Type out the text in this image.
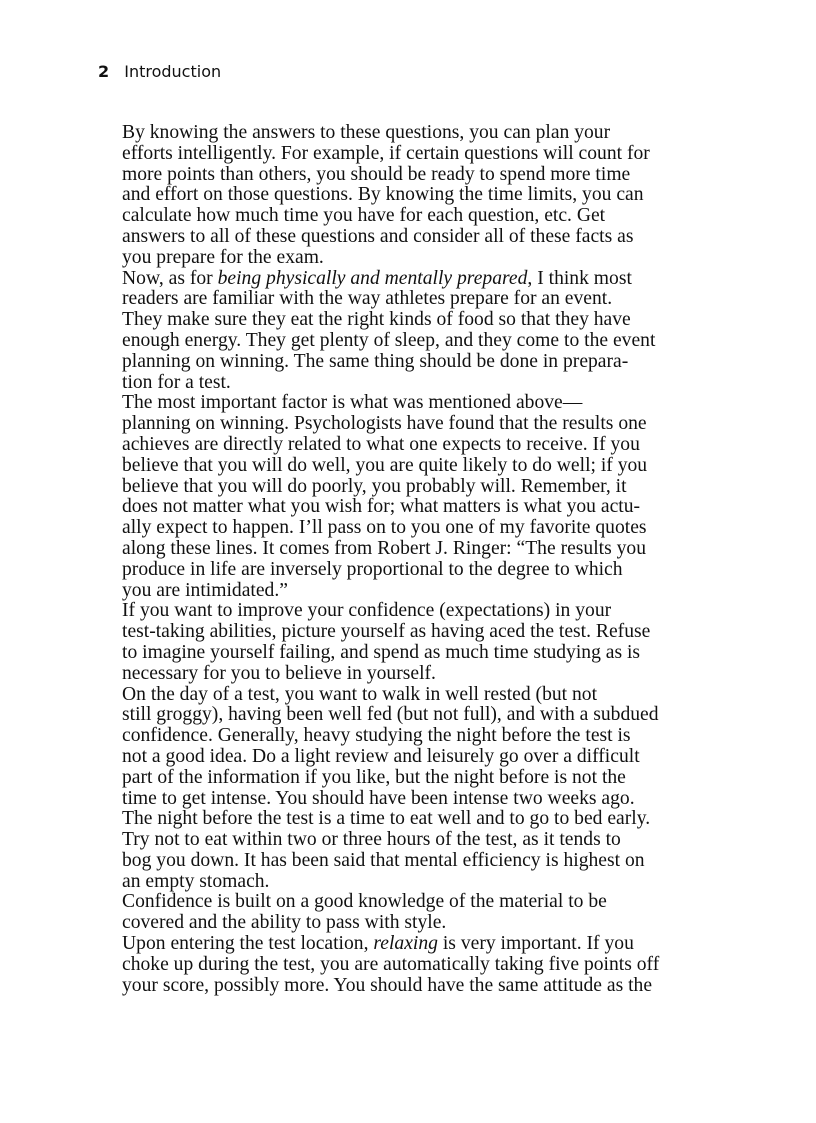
2 Introduction

By knowing the answers to these questions, you can plan your
efforts intelligently. For example, if certain questions will count for
more points than others, you should be ready to spend more time
and effort on those questions. By knowing the time limits, you can
calculate how much time you have for each question, etc. Get
answers to all of these questions and consider all of these facts as
you prepare for the exam.

Now, as for being physically and mentally prepared, I think most
readers are familiar with the way athletes prepare for an event.
They make sure they eat the right kinds of food so that they have
enough energy. They get plenty of sleep, and they come to the event
planning on winning. The same thing should be done in prepara-
tion for a test.

The most important factor is what was mentioned above—
planning on winning. Psychologists have found that the results one
achieves are directly related to what one expects to receive. If you
believe that you will do well, you are quite likely to do well; if you
believe that you will do poorly, you probably will. Remember, it
does not matter what you wish for; what matters is what you actu-
ally expect to happen. I’ll pass on to you one of my favorite quotes
along these lines. It comes from Robert J. Ringer: “The results you
produce in life are inversely proportional to the degree to which
you are intimidated.”

If you want to improve your confidence (expectations) in your
test-taking abilities, picture yourself as having aced the test. Refuse
to imagine yourself failing, and spend as much time studying as is
necessary for you to believe in yourself.

On the day of a test, you want to walk in well rested (but not
still groggy), having been well fed (but not full), and with a subdued
confidence. Generally, heavy studying the night before the test is
not a good idea. Do a light review and leisurely go over a difficult
part of the information if you like, but the night before is not the
time to get intense. You should have been intense two weeks ago.
The night before the test is a time to eat well and to go to bed early.
Try not to eat within two or three hours of the test, as it tends to
bog you down. It has been said that mental efficiency is highest on
an empty stomach.

Confidence is built on a good knowledge of the material to be
covered and the ability to pass with style.

Upon entering the test location, relaxing is very important. If you
choke up during the test, you are automatically taking five points off
your score, possibly more. You should have the same attitude as the
